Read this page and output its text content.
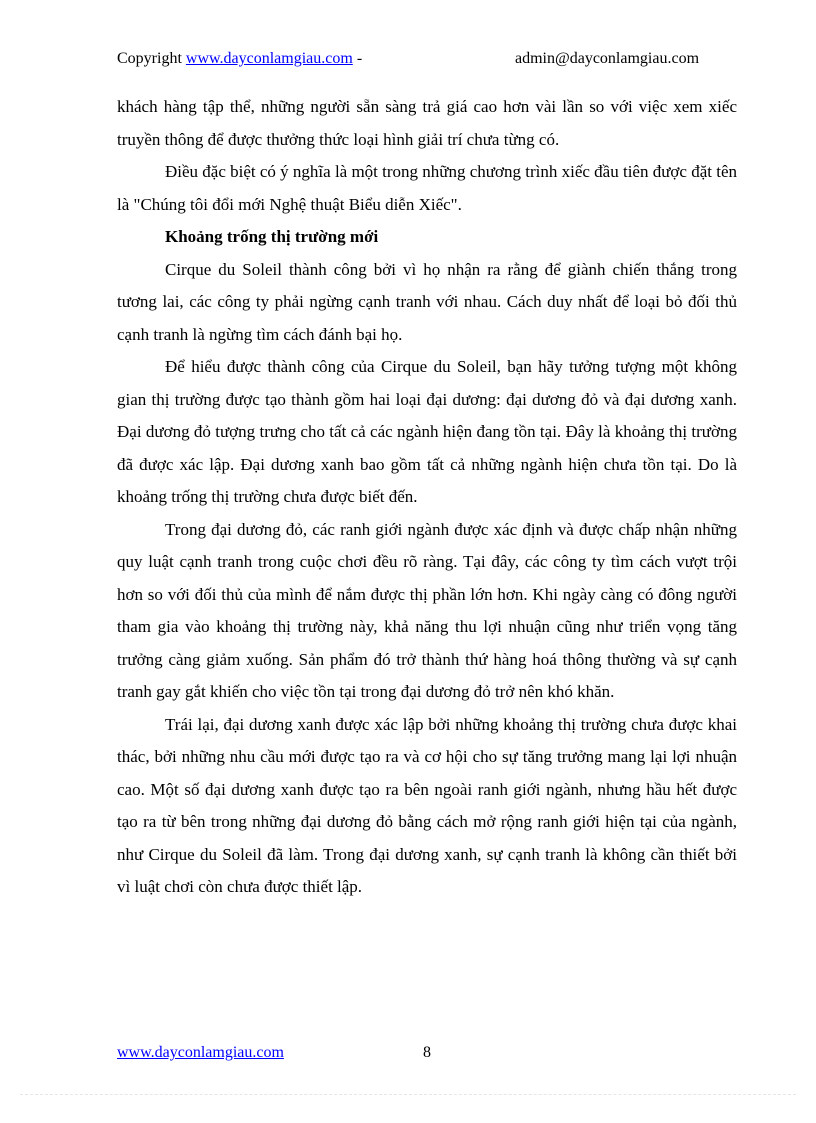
Copyright www.dayconlamgiau.com -	admin@dayconlamgiau.com

khách hàng tập thể, những người sẵn sàng trả giá cao hơn vài lần so với việc xem xiếc truyền thông để được thưởng thức loại hình giải trí chưa từng có.

Điều đặc biệt có ý nghĩa là một trong những chương trình xiếc đầu tiên được đặt tên là "Chúng tôi đổi mới Nghệ thuật Biểu diễn Xiếc".

Khoảng trống thị trường mới

Cirque du Soleil thành công bởi vì họ nhận ra rằng để giành chiến thắng trong tương lai, các công ty phải ngừng cạnh tranh với nhau. Cách duy nhất để loại bỏ đối thủ cạnh tranh là ngừng tìm cách đánh bại họ.

Để hiểu được thành công của Cirque du Soleil, bạn hãy tưởng tượng một không gian thị trường được tạo thành gồm hai loại đại dương: đại dương đỏ và đại dương xanh. Đại dương đỏ tượng trưng cho tất cả các ngành hiện đang tồn tại. Đây là khoảng thị trường đã được xác lập. Đại dương xanh bao gồm tất cả những ngành hiện chưa tồn tại. Do là khoảng trống thị trường chưa được biết đến.

Trong đại dương đỏ, các ranh giới ngành được xác định và được chấp nhận những quy luật cạnh tranh trong cuộc chơi đều rõ ràng. Tại đây, các công ty tìm cách vượt trội hơn so với đối thủ của mình để nắm được thị phần lớn hơn. Khi ngày càng có đông người tham gia vào khoảng thị trường này, khả năng thu lợi nhuận cũng như triển vọng tăng trưởng càng giảm xuống. Sản phẩm đó trở thành thứ hàng hoá thông thường và sự cạnh tranh gay gắt khiến cho việc tồn tại trong đại dương đỏ trở nên khó khăn.

Trái lại, đại dương xanh được xác lập bởi những khoảng thị trường chưa được khai thác, bởi những nhu cầu mới được tạo ra và cơ hội cho sự tăng trưởng mang lại lợi nhuận cao. Một số đại dương xanh được tạo ra bên ngoài ranh giới ngành, nhưng hầu hết được tạo ra từ bên trong những đại dương đỏ bằng cách mở rộng ranh giới hiện tại của ngành, như Cirque du Soleil đã làm. Trong đại dương xanh, sự cạnh tranh là không cần thiết bởi vì luật chơi còn chưa được thiết lập.

www.dayconlamgiau.com	8
